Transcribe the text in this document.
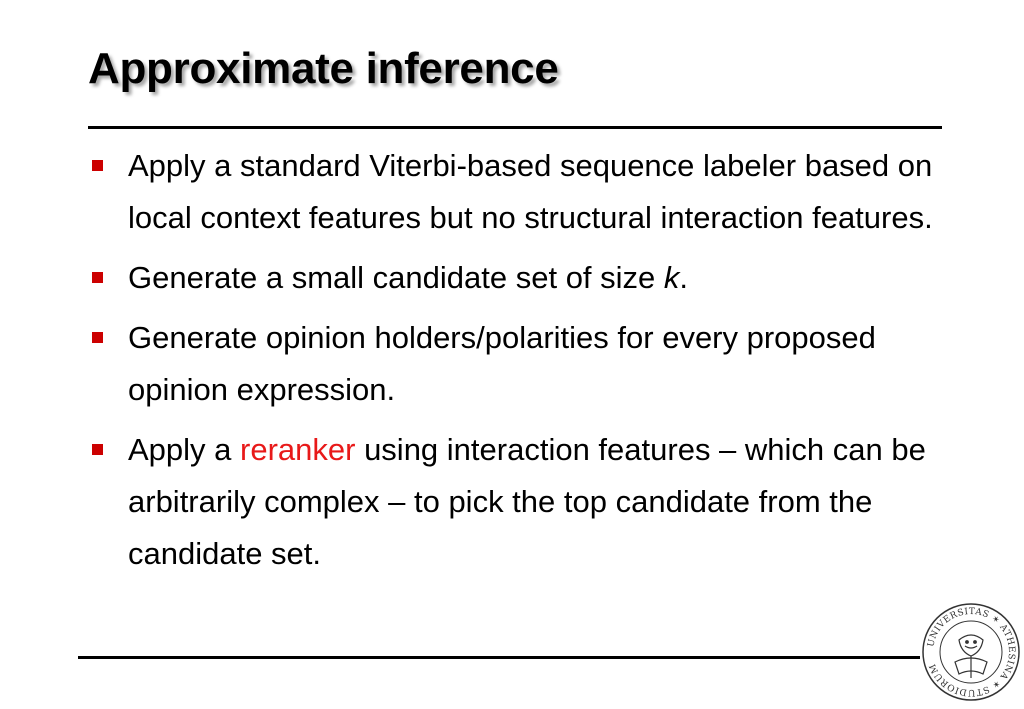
Approximate inference
Apply a standard Viterbi-based sequence labeler based on local context features but no structural interaction features.
Generate a small candidate set of size k.
Generate opinion holders/polarities for every proposed opinion expression.
Apply a reranker using interaction features – which can be arbitrarily complex – to pick the top candidate from the candidate set.
UNIVERSITAS ✶ ATHESINA ✶ STUDIORUM
